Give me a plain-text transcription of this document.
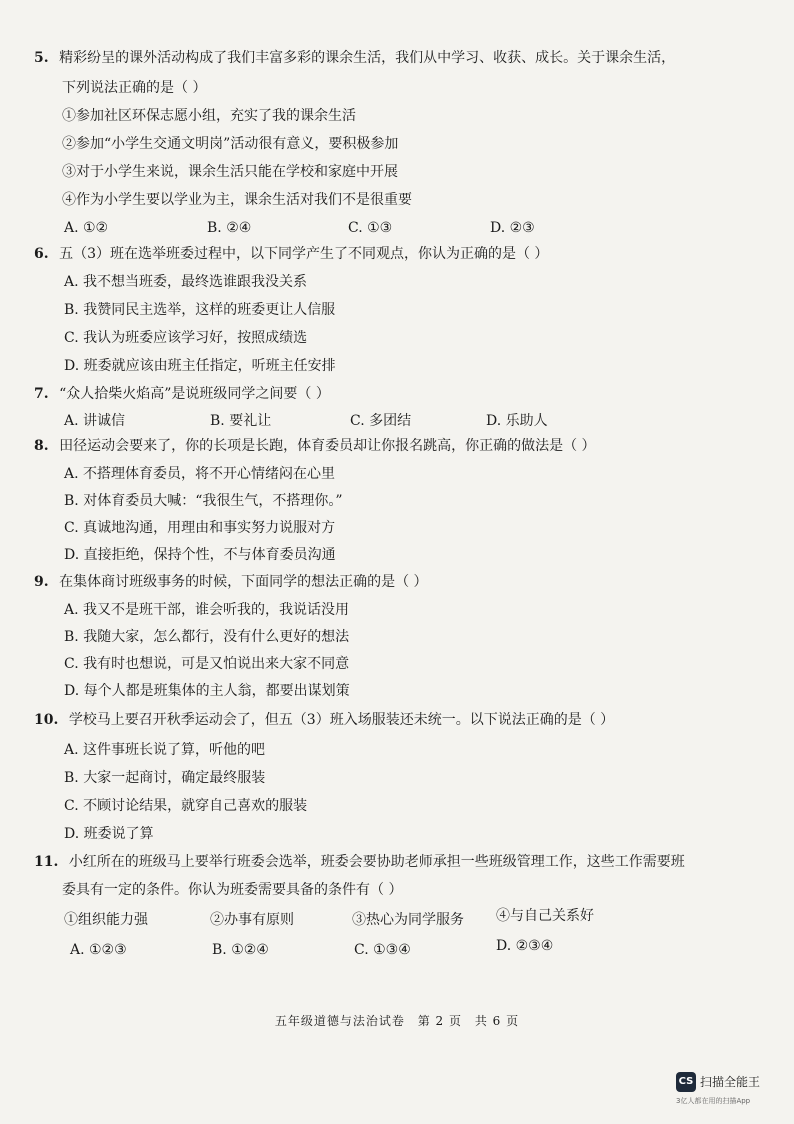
5. 精彩纷呈的课外活动构成了我们丰富多彩的课余生活，我们从中学习、收获、成长。关于课余生活，
下列说法正确的是（ ）
①参加社区环保志愿小组，充实了我的课余生活
②参加“小学生交通文明岗”活动很有意义，要积极参加
③对于小学生来说，课余生活只能在学校和家庭中开展
④作为小学生要以学业为主，课余生活对我们不是很重要
A. ①②	B. ②④	C. ①③	D. ②③
6. 五（3）班在选举班委过程中，以下同学产生了不同观点，你认为正确的是（ ）
A. 我不想当班委，最终选谁跟我没关系
B. 我赞同民主选举，这样的班委更让人信服
C. 我认为班委应该学习好，按照成绩选
D. 班委就应该由班主任指定，听班主任安排
7. “众人拾柴火焰高”是说班级同学之间要（ ）
A. 讲诚信	B. 要礼让	C. 多团结	D. 乐助人
8. 田径运动会要来了，你的长项是长跑，体育委员却让你报名跳高，你正确的做法是（ ）
A. 不搭理体育委员，将不开心情绪闷在心里
B. 对体育委员大喊：“我很生气，不搭理你。”
C. 真诚地沟通，用理由和事实努力说服对方
D. 直接拒绝，保持个性，不与体育委员沟通
9. 在集体商讨班级事务的时候，下面同学的想法正确的是（ ）
A. 我又不是班干部，谁会听我的，我说话没用
B. 我随大家，怎么都行，没有什么更好的想法
C. 我有时也想说，可是又怕说出来大家不同意
D. 每个人都是班集体的主人翁，都要出谋划策
10. 学校马上要召开秋季运动会了，但五（3）班入场服装还未统一。以下说法正确的是（ ）
A. 这件事班长说了算，听他的吧
B. 大家一起商讨，确定最终服装
C. 不顾讨论结果，就穿自己喜欢的服装
D. 班委说了算
11. 小红所在的班级马上要举行班委会选举，班委会要协助老师承担一些班级管理工作，这些工作需要班
委具有一定的条件。你认为班委需要具备的条件有（ ）
①组织能力强	②办事有原则	③热心为同学服务 ④与自己关系好
A. ①②③	B. ①②④	C. ①③④	D. ②③④
五年级道德与法治试卷 第 2 页 共 6 页
CS 扫描全能王
3亿人都在用的扫描App
